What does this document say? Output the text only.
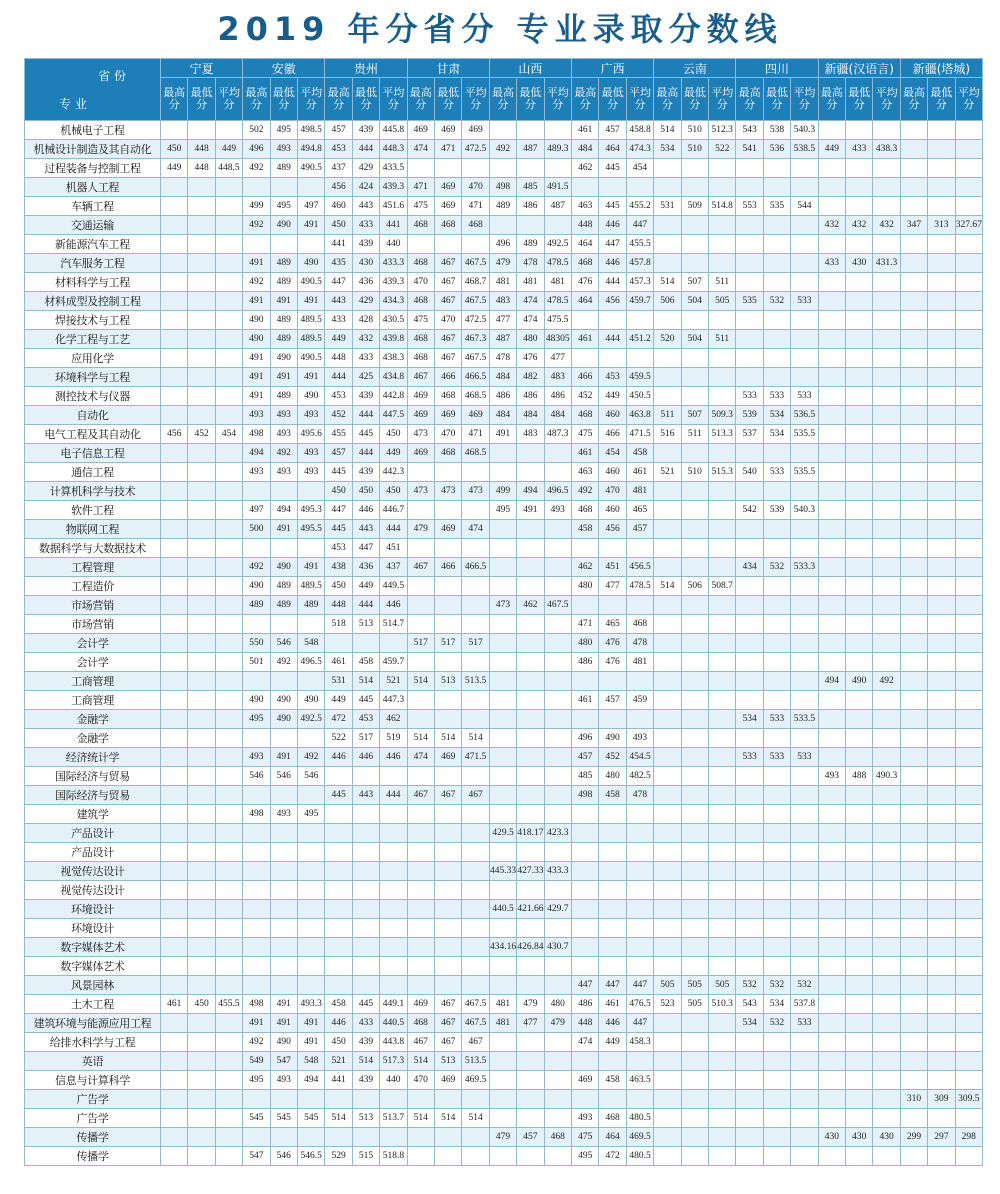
2019 年分省分 专业录取分数线
省 份
专 业	宁夏			安徽			贵州			甘肃			山西			广西			云南			四川			新疆(汉语言)			新疆(塔城)		
	最高分	最低分	平均分	最高分	最低分	平均分	最高分	最低分	平均分	最高分	最低分	平均分	最高分	最低分	平均分	最高分	最低分	平均分	最高分	最低分	平均分	最高分	最低分	平均分	最高分	最低分	平均分	最高分	最低分	平均分
机械电子工程				502	495	498.5	457	439	445.8	469	469	469				461	457	458.8	514	510	512.3	543	538	540.3						
机械设计制造及其自动化	450	448	449	496	493	494.8	453	444	448.3	474	471	472.5	492	487	489.3	484	464	474.3	534	510	522	541	536	538.5	449	433	438.3			
过程装备与控制工程	449	448	448.5	492	489	490.5	437	429	433.5							462	445	454												
机器人工程							456	424	439.3	471	469	470	498	485	491.5															
车辆工程				499	495	497	460	443	451.6	475	469	471	489	486	487	463	445	455.2	531	509	514.8	553	535	544						
交通运输				492	490	491	450	433	441	468	468	468				448	446	447							432	432	432	347	313	327.67
新能源汽车工程							441	439	440				496	489	492.5	464	447	455.5												
汽车服务工程				491	489	490	435	430	433.3	468	467	467.5	479	478	478.5	468	446	457.8							433	430	431.3			
材料科学与工程				492	489	490.5	447	436	439.3	470	467	468.7	481	481	481	476	444	457.3	514	507	511									
材料成型及控制工程				491	491	491	443	429	434.3	468	467	467.5	483	474	478.5	464	456	459.7	506	504	505	535	532	533						
焊接技术与工程				490	489	489.5	433	428	430.5	475	470	472.5	477	474	475.5															
化学工程与工艺				490	489	489.5	449	432	439.8	468	467	467.3	487	480	48305	461	444	451.2	520	504	511									
应用化学				491	490	490.5	448	433	438.3	468	467	467.5	478	476	477															
环境科学与工程				491	491	491	444	425	434.8	467	466	466.5	484	482	483	466	453	459.5												
测控技术与仪器				491	489	490	453	439	442.8	469	468	468.5	486	486	486	452	449	450.5				533	533	533						
自动化				493	493	493	452	444	447.5	469	469	469	484	484	484	468	460	463.8	511	507	509.3	539	534	536.5						
电气工程及其自动化	456	452	454	498	493	495.6	455	445	450	473	470	471	491	483	487.3	475	466	471.5	516	511	513.3	537	534	535.5						
电子信息工程				494	492	493	457	444	449	469	468	468.5				461	454	458												
通信工程				493	493	493	445	439	442.3							463	460	461	521	510	515.3	540	533	535.5						
计算机科学与技术							450	450	450	473	473	473	499	494	496.5	492	470	481												
软件工程				497	494	495.3	447	446	446.7				495	491	493	468	460	465				542	539	540.3						
物联网工程				500	491	495.5	445	443	444	479	469	474				458	456	457												
数据科学与大数据技术							453	447	451																					
工程管理				492	490	491	438	436	437	467	466	466.5				462	451	456.5				434	532	533.3						
工程造价				490	489	489.5	450	449	449.5							480	477	478.5	514	506	508.7									
市场营销				489	489	489	448	444	446				473	462	467.5															
市场营销							518	513	514.7							471	465	468												
会计学				550	546	548				517	517	517				480	476	478												
会计学				501	492	496.5	461	458	459.7							486	476	481												
工商管理							531	514	521	514	513	513.5													494	490	492			
工商管理				490	490	490	449	445	447.3							461	457	459												
金融学				495	490	492.5	472	453	462													534	533	533.5						
金融学							522	517	519	514	514	514				496	490	493												
经济统计学				493	491	492	446	446	446	474	469	471.5				457	452	454.5				533	533	533						
国际经济与贸易				546	546	546										485	480	482.5							493	488	490.3			
国际经济与贸易							445	443	444	467	467	467				498	458	478												
建筑学				498	493	495																								
产品设计													429.5	418.17	423.3															
产品设计																														
视觉传达设计													445.33	427.33	433.3															
视觉传达设计																														
环境设计													440.5	421.66	429.7															
环境设计																														
数字媒体艺术													434.16	426.84	430.7															
数字媒体艺术																														
风景园林																447	447	447	505	505	505	532	532	532						
土木工程	461	450	455.5	498	491	493.3	458	445	449.1	469	467	467.5	481	479	480	486	461	476.5	523	505	510.3	543	534	537.8						
建筑环境与能源应用工程				491	491	491	446	433	440.5	468	467	467.5	481	477	479	448	446	447				534	532	533						
给排水科学与工程				492	490	491	450	439	443.8	467	467	467				474	449	458.3												
英语				549	547	548	521	514	517.3	514	513	513.5																		
信息与计算科学				495	493	494	441	439	440	470	469	469.5				469	458	463.5												
广告学																												310	309	309.5
广告学				545	545	545	514	513	513.7	514	514	514				493	468	480.5												
传播学													479	457	468	475	464	469.5							430	430	430	299	297	298
传播学				547	546	546.5	529	515	518.8							495	472	480.5												
